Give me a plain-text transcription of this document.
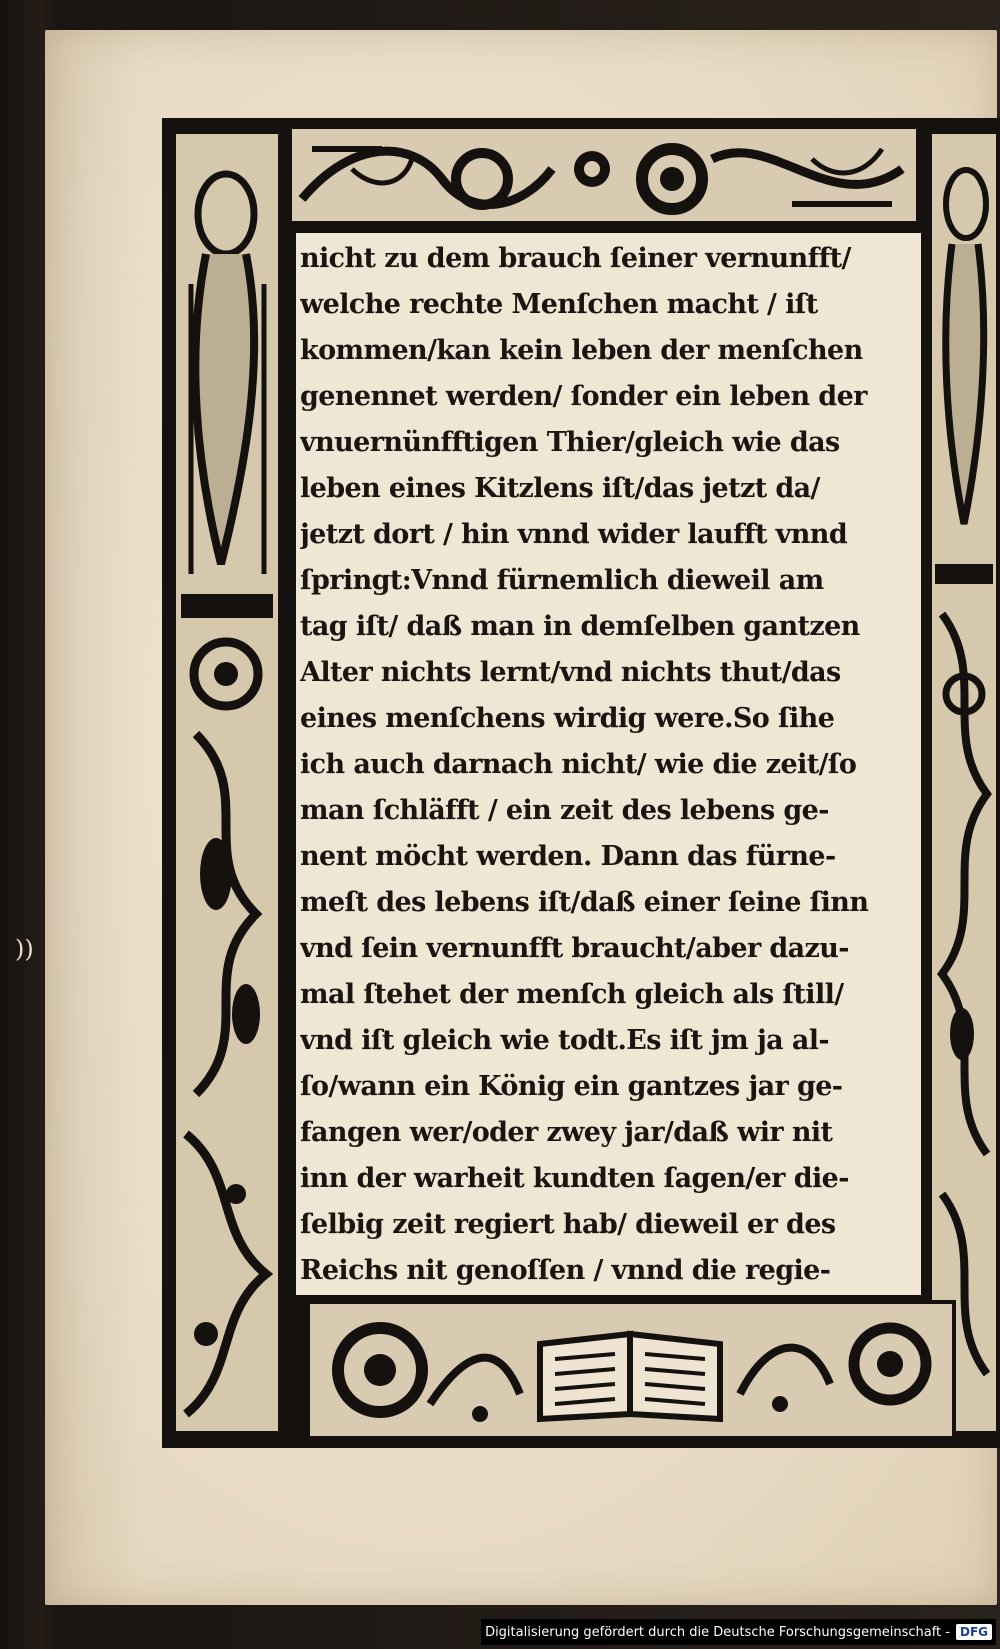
))
nicht zu dem brauch ſeiner vernunfft/
welche rechte Menſchen macht / iſt
kommen/kan kein leben der menſchen
genennet werden/ ſonder ein leben der
vnuernünfftigen Thier/gleich wie das
leben eines Kitzlens iſt/das jetzt da/
jetzt dort / hin vnnd wider laufft vnnd
ſpringt:Vnnd fürnemlich dieweil am
tag iſt/ daß man in demſelben gantzen
Alter nichts lernt/vnd nichts thut/das
eines menſchens wirdig were.So ſihe
ich auch darnach nicht/ wie die zeit/ſo
man ſchläfft / ein zeit des lebens ge-
nent möcht werden. Dann das fürne-
meſt des lebens iſt/daß einer ſeine ſinn
vnd ſein vernunfft braucht/aber dazu-
mal ſtehet der menſch gleich als ſtill/
vnd iſt gleich wie todt.Es iſt jm ja al-
ſo/wann ein König ein gantzes jar ge-
fangen wer/oder zwey jar/daß wir nit
inn der warheit kundten ſagen/er die-
ſelbig zeit regiert hab/ dieweil er des
Reichs nit genoſſen / vnnd die regie-
Digitalisierung gefördert durch die Deutsche Forschungsgemeinschaft - DFG
